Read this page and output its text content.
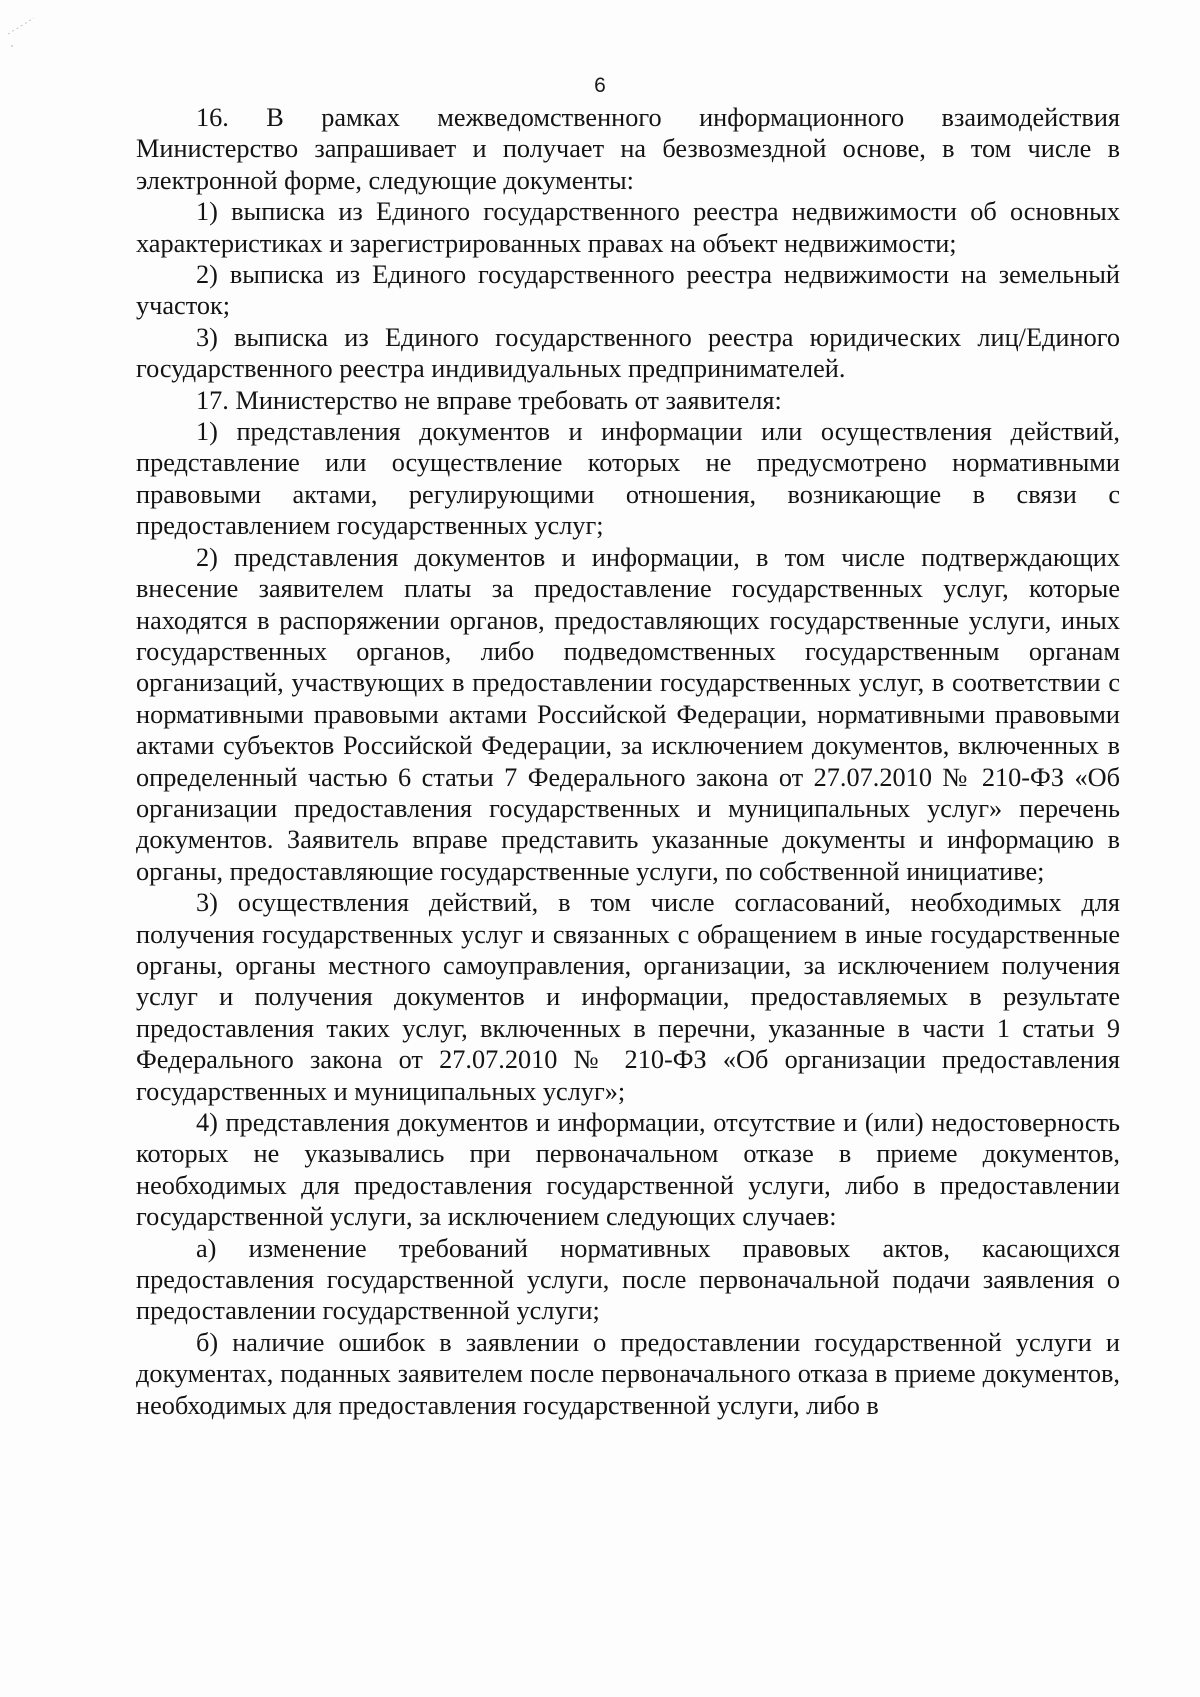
6

16. В рамках межведомственного информационного взаимодействия Министерство запрашивает и получает на безвозмездной основе, в том числе в электронной форме, следующие документы:

1) выписка из Единого государственного реестра недвижимости об основных характеристиках и зарегистрированных правах на объект недвижимости;

2) выписка из Единого государственного реестра недвижимости на земельный участок;

3) выписка из Единого государственного реестра юридических лиц/Единого государственного реестра индивидуальных предпринимателей.

17. Министерство не вправе требовать от заявителя:

1) представления документов и информации или осуществления действий, представление или осуществление которых не предусмотрено нормативными правовыми актами, регулирующими отношения, возникающие в связи с предоставлением государственных услуг;

2) представления документов и информации, в том числе подтверждающих внесение заявителем платы за предоставление государственных услуг, которые находятся в распоряжении органов, предоставляющих государственные услуги, иных государственных органов, либо подведомственных государственным органам организаций, участвующих в предоставлении государственных услуг, в соответствии с нормативными правовыми актами Российской Федерации, нормативными правовыми актами субъектов Российской Федерации, за исключением документов, включенных в определенный частью 6 статьи 7 Федерального закона от 27.07.2010 № 210-ФЗ «Об организации предоставления государственных и муниципальных услуг» перечень документов. Заявитель вправе представить указанные документы и информацию в органы, предоставляющие государственные услуги, по собственной инициативе;

3) осуществления действий, в том числе согласований, необходимых для получения государственных услуг и связанных с обращением в иные государственные органы, органы местного самоуправления, организации, за исключением получения услуг и получения документов и информации, предоставляемых в результате предоставления таких услуг, включенных в перечни, указанные в части 1 статьи 9 Федерального закона от 27.07.2010 № 210-ФЗ «Об организации предоставления государственных и муниципальных услуг»;

4) представления документов и информации, отсутствие и (или) недостоверность которых не указывались при первоначальном отказе в приеме документов, необходимых для предоставления государственной услуги, либо в предоставлении государственной услуги, за исключением следующих случаев:

а) изменение требований нормативных правовых актов, касающихся предоставления государственной услуги, после первоначальной подачи заявления о предоставлении государственной услуги;

б) наличие ошибок в заявлении о предоставлении государственной услуги и документах, поданных заявителем после первоначального отказа в приеме документов, необходимых для предоставления государственной услуги, либо в
